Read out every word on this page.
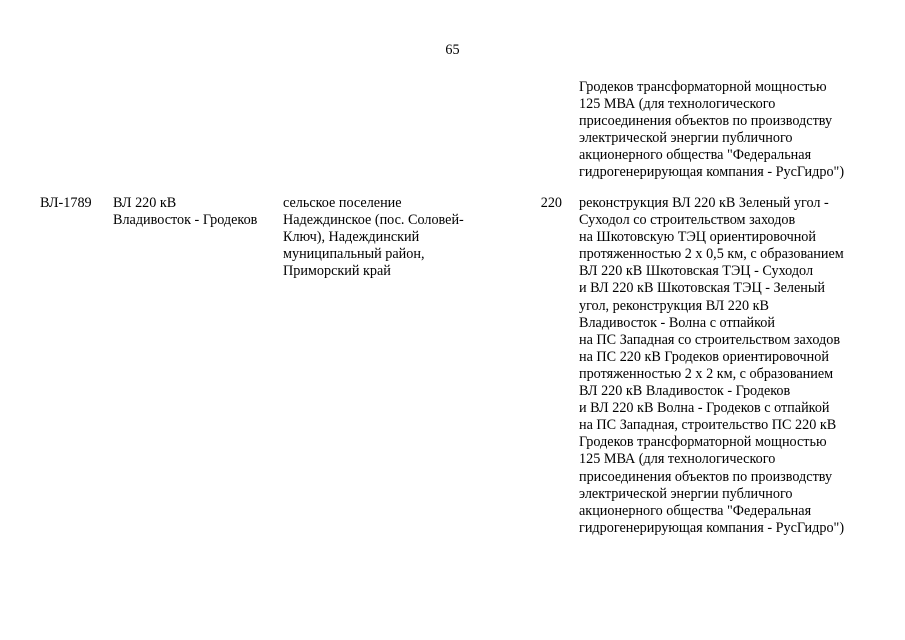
65
Гродеков трансформаторной мощностью
125 МВА (для технологического
присоединения объектов по производству
электрической энергии публичного
акционерного общества "Федеральная
гидрогенерирующая компания - РусГидро")
ВЛ-1789	ВЛ 220 кВ
Владивосток - Гродеков
сельское поселение
Надеждинское (пос. Соловей-
Ключ), Надеждинский
муниципальный район,
Приморский край
220 реконструкция ВЛ 220 кВ Зеленый угол -
Суходол со строительством заходов
на Шкотовскую ТЭЦ ориентировочной
протяженностью 2 x 0,5 км, с образованием
ВЛ 220 кВ Шкотовская ТЭЦ - Суходол
и ВЛ 220 кВ Шкотовская ТЭЦ - Зеленый
угол, реконструкция ВЛ 220 кВ
Владивосток - Волна с отпайкой
на ПС Западная со строительством заходов
на ПС 220 кВ Гродеков ориентировочной
протяженностью 2 x 2 км, с образованием
ВЛ 220 кВ Владивосток - Гродеков
и ВЛ 220 кВ Волна - Гродеков с отпайкой
на ПС Западная, строительство ПС 220 кВ
Гродеков трансформаторной мощностью
125 МВА (для технологического
присоединения объектов по производству
электрической энергии публичного
акционерного общества "Федеральная
гидрогенерирующая компания - РусГидро")
